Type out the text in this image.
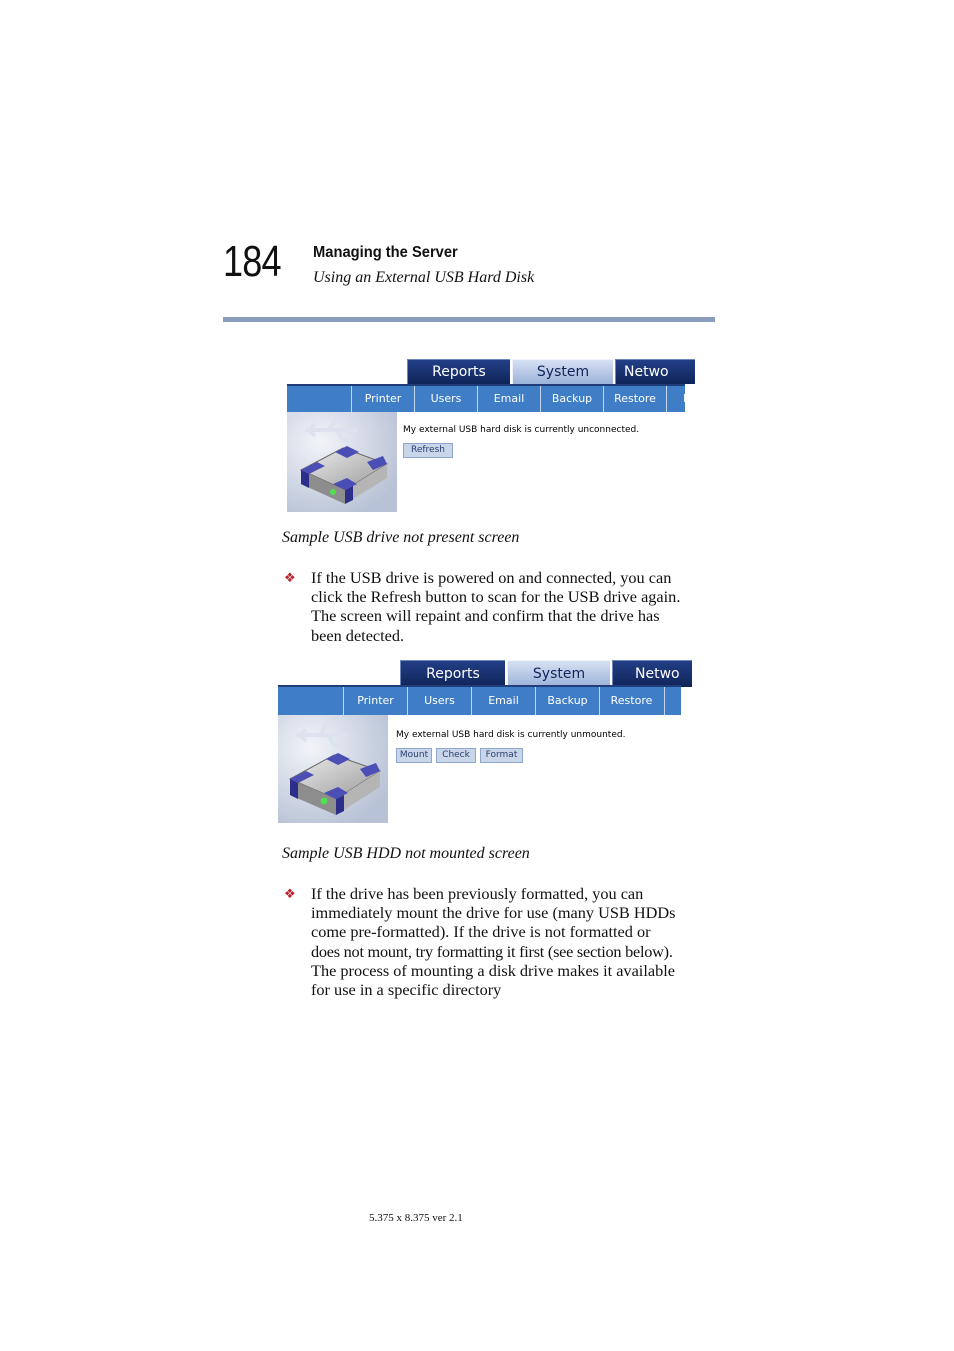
184 Managing the Server
Using an External USB Hard Disk
Reports	System	Netwo
Printer	Users	Email	Backup	Restore	L
My external USB hard disk is currently unconnected.
Refresh
Sample USB drive not present screen
❖ If the USB drive is powered on and connected, you can
click the Refresh button to scan for the USB drive again.
The screen will repaint and confirm that the drive has
been detected.
Reports	System	Netwo
Printer	Users	Email	Backup	Restore
My external USB hard disk is currently unmounted.
Mount	Check	Format
Sample USB HDD not mounted screen
❖ If the drive has been previously formatted, you can
immediately mount the drive for use (many USB HDDs
come pre-formatted). If the drive is not formatted or
does not mount, try formatting it first (see section below).
The process of mounting a disk drive makes it available
for use in a specific directory
5.375 x 8.375 ver 2.1
